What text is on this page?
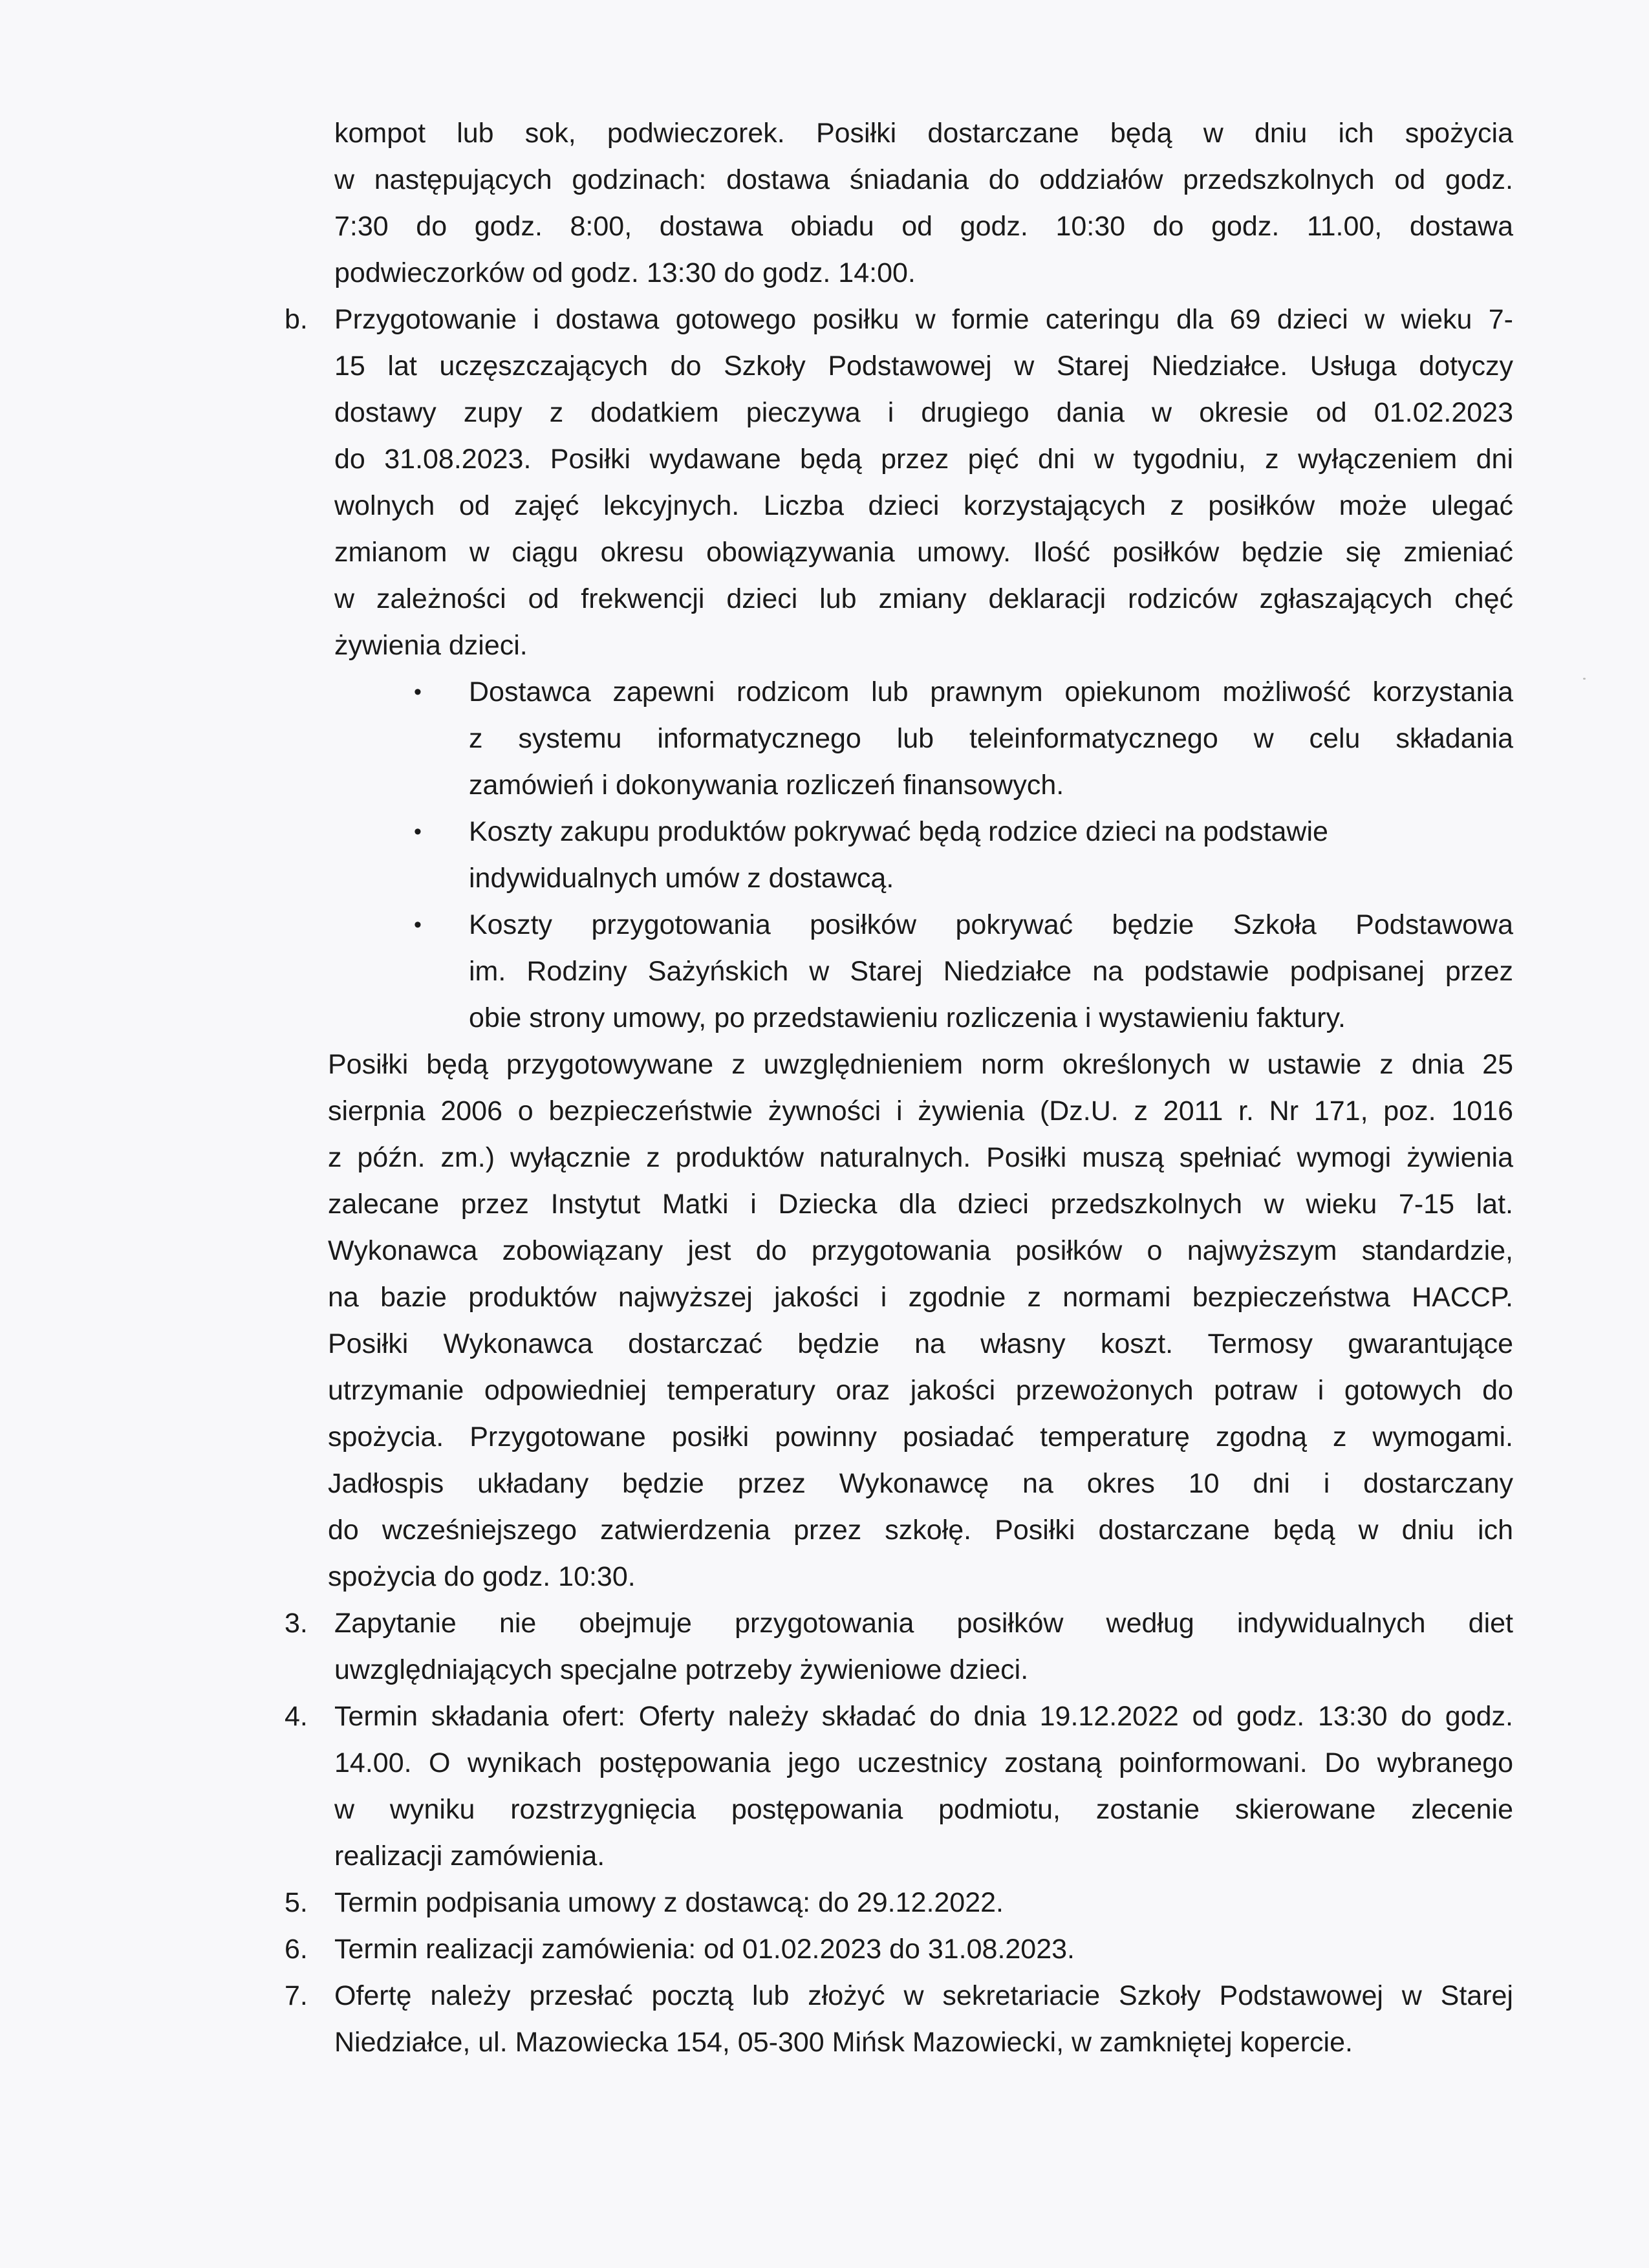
kompot lub sok, podwieczorek. Posiłki dostarczane będą w dniu ich spożycia
w następujących godzinach: dostawa śniadania do oddziałów przedszkolnych od godz.
7:30 do godz. 8:00, dostawa obiadu od godz. 10:30 do godz. 11.00, dostawa
podwieczorków od godz. 13:30 do godz. 14:00.

b. Przygotowanie i dostawa gotowego posiłku w formie cateringu dla 69 dzieci w wieku 7-
15 lat uczęszczających do Szkoły Podstawowej w Starej Niedziałce. Usługa dotyczy
dostawy zupy z dodatkiem pieczywa i drugiego dania w okresie od 01.02.2023
do 31.08.2023. Posiłki wydawane będą przez pięć dni w tygodniu, z wyłączeniem dni
wolnych od zajęć lekcyjnych. Liczba dzieci korzystających z posiłków może ulegać
zmianom w ciągu okresu obowiązywania umowy. Ilość posiłków będzie się zmieniać
w zależności od frekwencji dzieci lub zmiany deklaracji rodziców zgłaszających chęć
żywienia dzieci.
• Dostawca zapewni rodzicom lub prawnym opiekunom możliwość korzystania
z systemu informatycznego lub teleinformatycznego w celu składania
zamówień i dokonywania rozliczeń finansowych.
• Koszty zakupu produktów pokrywać będą rodzice dzieci na podstawie
indywidualnych umów z dostawcą.
• Koszty przygotowania posiłków pokrywać będzie Szkoła Podstawowa
im. Rodziny Sażyńskich w Starej Niedziałce na podstawie podpisanej przez
obie strony umowy, po przedstawieniu rozliczenia i wystawieniu faktury.

Posiłki będą przygotowywane z uwzględnieniem norm określonych w ustawie z dnia 25
sierpnia 2006 o bezpieczeństwie żywności i żywienia (Dz.U. z 2011 r. Nr 171, poz. 1016
z późn. zm.) wyłącznie z produktów naturalnych. Posiłki muszą spełniać wymogi żywienia
zalecane przez Instytut Matki i Dziecka dla dzieci przedszkolnych w wieku 7-15 lat.
Wykonawca zobowiązany jest do przygotowania posiłków o najwyższym standardzie,
na bazie produktów najwyższej jakości i zgodnie z normami bezpieczeństwa HACCP.
Posiłki Wykonawca dostarczać będzie na własny koszt. Termosy gwarantujące
utrzymanie odpowiedniej temperatury oraz jakości przewożonych potraw i gotowych do
spożycia. Przygotowane posiłki powinny posiadać temperaturę zgodną z wymogami.
Jadłospis układany będzie przez Wykonawcę na okres 10 dni i dostarczany
do wcześniejszego zatwierdzenia przez szkołę. Posiłki dostarczane będą w dniu ich
spożycia do godz. 10:30.

3. Zapytanie nie obejmuje przygotowania posiłków według indywidualnych diet
uwzględniających specjalne potrzeby żywieniowe dzieci.
4. Termin składania ofert: Oferty należy składać do dnia 19.12.2022 od godz. 13:30 do godz.
14.00. O wynikach postępowania jego uczestnicy zostaną poinformowani. Do wybranego
w wyniku rozstrzygnięcia postępowania podmiotu, zostanie skierowane zlecenie
realizacji zamówienia.
5. Termin podpisania umowy z dostawcą: do 29.12.2022.
6. Termin realizacji zamówienia: od 01.02.2023 do 31.08.2023.
7. Ofertę należy przesłać pocztą lub złożyć w sekretariacie Szkoły Podstawowej w Starej
Niedziałce, ul. Mazowiecka 154, 05-300 Mińsk Mazowiecki, w zamkniętej kopercie.
